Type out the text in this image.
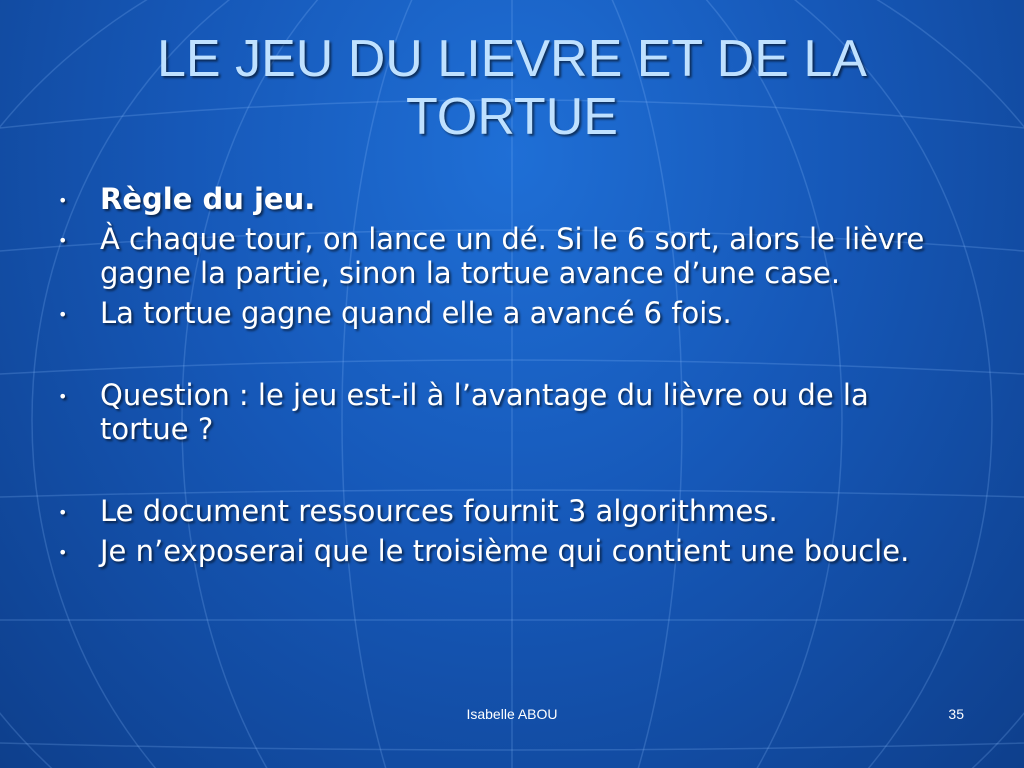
LE JEU DU LIEVRE ET DE LA TORTUE
• Règle du jeu.
• À chaque tour, on lance un dé. Si le 6 sort, alors le lièvre gagne la partie, sinon la tortue avance d’une case.
• La tortue gagne quand elle a avancé 6 fois.
• Question : le jeu est-il à l’avantage du lièvre ou de la tortue ?
• Le document ressources fournit 3 algorithmes.
• Je n’exposerai que le troisième qui contient une boucle.
Isabelle ABOU	35
